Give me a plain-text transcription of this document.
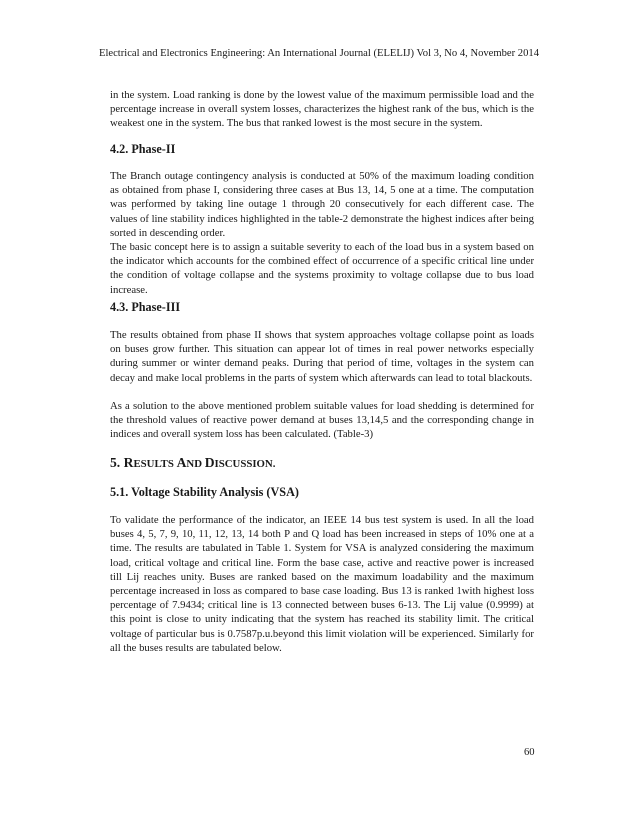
Electrical and Electronics Engineering: An International Journal (ELELIJ) Vol 3, No 4, November 2014

in the system. Load ranking is done by the lowest value of the maximum permissible load and the percentage increase in overall system losses, characterizes the highest rank of the bus, which is the weakest one in the system. The bus that ranked lowest is the most secure in the system.

4.2. Phase-II

The Branch outage contingency analysis is conducted at 50% of the maximum loading condition as obtained from phase I, considering three cases at Bus 13, 14, 5 one at a time. The computation was performed by taking line outage 1 through 20 consecutively for each different case. The values of line stability indices highlighted in the table-2 demonstrate the highest indices after being sorted in descending order.

The basic concept here is to assign a suitable severity to each of the load bus in a system based on the indicator which accounts for the combined effect of occurrence of a specific critical line under the condition of voltage collapse and the systems proximity to voltage collapse due to bus load increase.

4.3. Phase-III

The results obtained from phase II shows that system approaches voltage collapse point as loads on buses grow further. This situation can appear lot of times in real power networks especially during summer or winter demand peaks. During that period of time, voltages in the system can decay and make local problems in the parts of system which afterwards can lead to total blackouts.

As a solution to the above mentioned problem suitable values for load shedding is determined for the threshold values of reactive power demand at buses 13,14,5 and the corresponding change in indices and overall system loss has been calculated. (Table-3)

5. RESULTS AND DISCUSSION.
5.1. Voltage Stability Analysis (VSA)

To validate the performance of the indicator, an IEEE 14 bus test system is used. In all the load buses 4, 5, 7, 9, 10, 11, 12, 13, 14 both P and Q load has been increased in steps of 10% one at a time. The results are tabulated in Table 1. System for VSA is analyzed considering the maximum load, critical voltage and critical line. Form the base case, active and reactive power is increased till Lij reaches unity. Buses are ranked based on the maximum loadability and the maximum percentage increased in loss as compared to base case loading. Bus 13 is ranked 1with highest loss percentage of 7.9434; critical line is 13 connected between buses 6-13. The Lij value (0.9999) at this point is close to unity indicating that the system has reached its stability limit. The critical voltage of particular bus is 0.7587p.u.beyond this limit violation will be experienced. Similarly for all the buses results are tabulated below.

60
